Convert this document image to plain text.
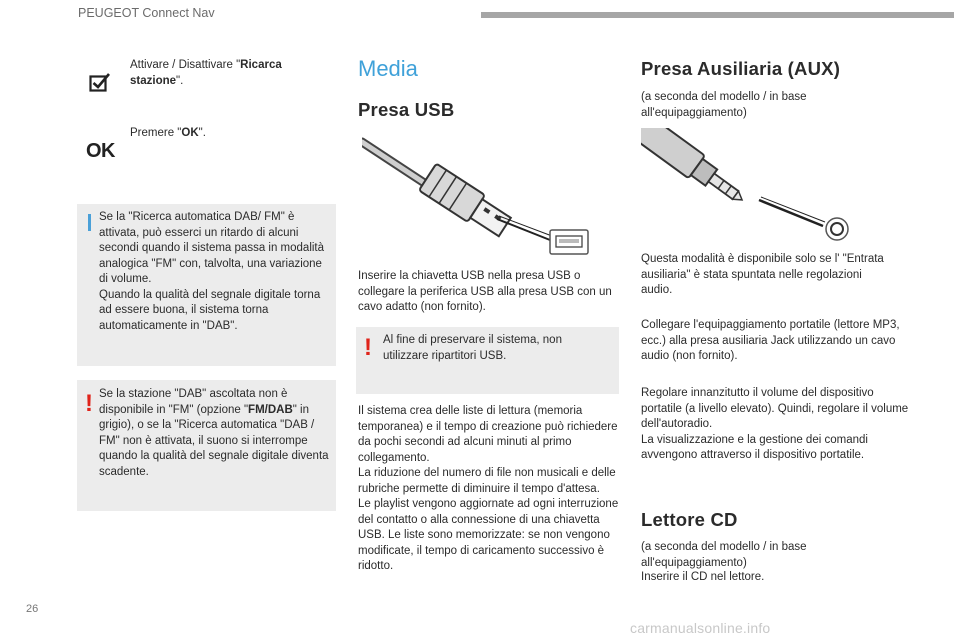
PEUGEOT Connect Nav
Attivare / Disattivare "Ricarca stazione".
OK
Premere "OK".
Se la "Ricerca automatica DAB/ FM" è attivata, può esserci un ritardo di alcuni secondi quando il sistema passa in modalità analogica "FM" con, talvolta, una variazione di volume.
Quando la qualità del segnale digitale torna ad essere buona, il sistema torna automaticamente in "DAB".
! Se la stazione "DAB" ascoltata non è disponibile in "FM" (opzione "FM/DAB" in grigio), o se la "Ricerca automatica "DAB / FM" non è attivata, il suono si interrompe quando la qualità del segnale digitale diventa scadente.
Media
Presa USB
Inserire la chiavetta USB nella presa USB o collegare la periferica USB alla presa USB con un cavo adatto (non fornito).
! Al fine di preservare il sistema, non utilizzare ripartitori USB.
Il sistema crea delle liste di lettura (memoria temporanea) e il tempo di creazione può richiedere da pochi secondi ad alcuni minuti al primo collegamento.
La riduzione del numero di file non musicali e delle rubriche permette di diminuire il tempo d'attesa.
Le playlist vengono aggiornate ad ogni interruzione del contatto o alla connessione di una chiavetta USB. Le liste sono memorizzate: se non vengono modificate, il tempo di caricamento successivo è ridotto.
Presa Ausiliaria (AUX)
(a seconda del modello / in base all'equipaggiamento)
Questa modalità è disponibile solo se l' "Entrata ausiliaria" è stata spuntata nelle regolazioni audio.
Collegare l'equipaggiamento portatile (lettore MP3, ecc.) alla presa ausiliaria Jack utilizzando un cavo audio (non fornito).
Regolare innanzitutto il volume del dispositivo portatile (a livello elevato). Quindi, regolare il volume dell'autoradio.
La visualizzazione e la gestione dei comandi avvengono attraverso il dispositivo portatile.
Lettore CD
(a seconda del modello / in base all'equipaggiamento)
Inserire il CD nel lettore.
26
carmanualsonline.info
